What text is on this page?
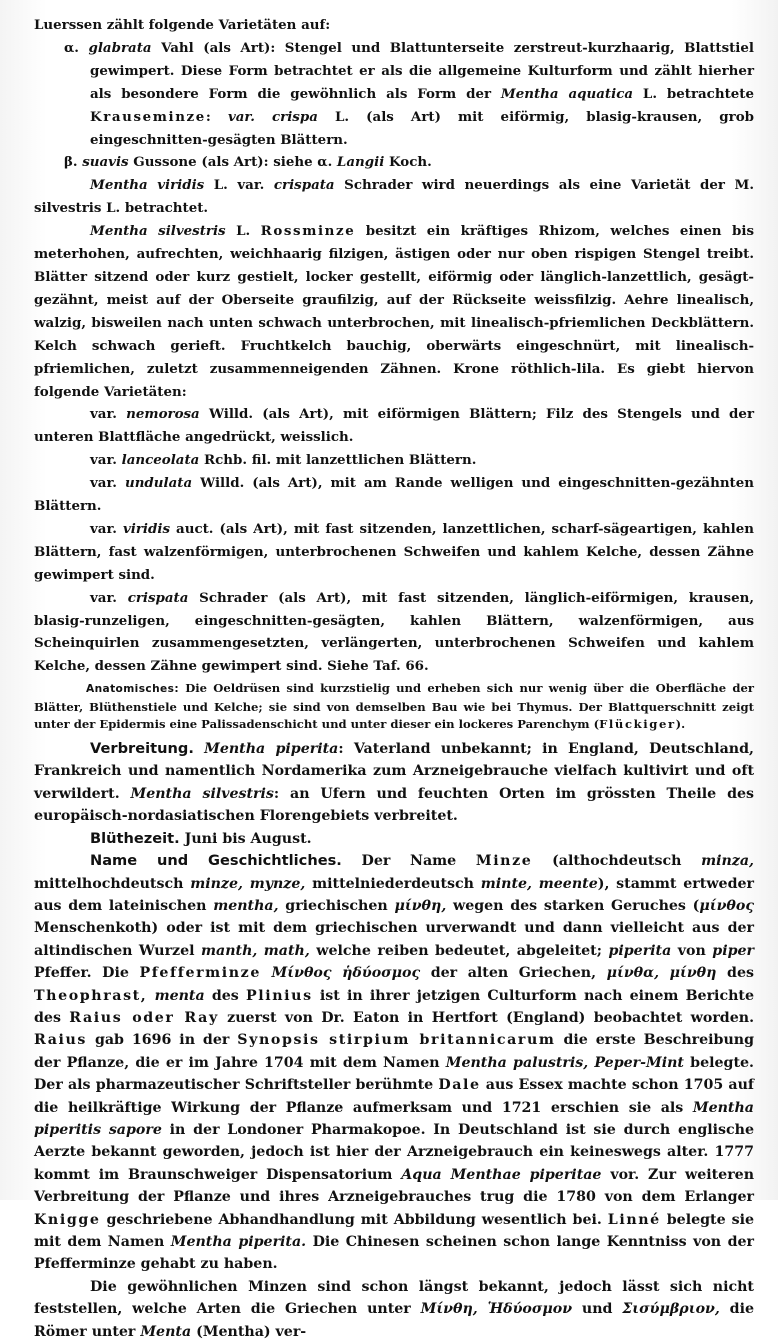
Luerssen zählt folgende Varietäten auf:

α. glabrata Vahl (als Art): Stengel und Blattunterseite zerstreut-kurzhaarig, Blattstiel gewimpert. Diese Form betrachtet er als die allgemeine Kulturform und zählt hierher als besondere Form die gewöhnlich als Form der Mentha aquatica L. betrachtete Krauseminze: var. crispa L. (als Art) mit eiförmig, blasig-krausen, grob eingeschnitten-gesägten Blättern.

β. suavis Gussone (als Art): siehe α. Langii Koch.

Mentha viridis L. var. crispata Schrader wird neuerdings als eine Varietät der M. silvestris L. betrachtet.

Mentha silvestris L. Rossminze besitzt ein kräftiges Rhizom, welches einen bis meterhohen, aufrechten, weichhaarig filzigen, ästigen oder nur oben rispigen Stengel treibt. Blätter sitzend oder kurz gestielt, locker gestellt, eiförmig oder länglich-lanzettlich, gesägt-gezähnt, meist auf der Oberseite graufilzig, auf der Rückseite weissfilzig. Aehre linealisch, walzig, bisweilen nach unten schwach unterbrochen, mit linealisch-pfriemlichen Deckblättern. Kelch schwach gerieft. Fruchtkelch bauchig, oberwärts eingeschnürt, mit linealisch-pfriemlichen, zuletzt zusammenneigenden Zähnen. Krone röthlich-lila. Es giebt hiervon folgende Varietäten:

var. nemorosa Willd. (als Art), mit eiförmigen Blättern; Filz des Stengels und der unteren Blattfläche angedrückt, weisslich.

var. lanceolata Rchb. fil. mit lanzettlichen Blättern.

var. undulata Willd. (als Art), mit am Rande welligen und eingeschnitten-gezähnten Blättern.

var. viridis auct. (als Art), mit fast sitzenden, lanzettlichen, scharf-sägeartigen, kahlen Blättern, fast walzenförmigen, unterbrochenen Schweifen und kahlem Kelche, dessen Zähne gewimpert sind.

var. crispata Schrader (als Art), mit fast sitzenden, länglich-eiförmigen, krausen, blasig-runzeligen, eingeschnitten-gesägten, kahlen Blättern, walzenförmigen, aus Scheinquirlen zusammengesetzten, verlängerten, unterbrochenen Schweifen und kahlem Kelche, dessen Zähne gewimpert sind. Siehe Taf. 66.

Anatomisches: Die Oeldrüsen sind kurzstielig und erheben sich nur wenig über die Oberfläche der Blätter, Blüthenstiele und Kelche; sie sind von demselben Bau wie bei Thymus. Der Blattquerschnitt zeigt unter der Epidermis eine Palissadenschicht und unter dieser ein lockeres Parenchym (Flückiger).

Verbreitung. Mentha piperita: Vaterland unbekannt; in England, Deutschland, Frankreich und namentlich Nordamerika zum Arzneigebrauche vielfach kultivirt und oft verwildert. Mentha silvestris: an Ufern und feuchten Orten im grössten Theile des europäisch-nordasiatischen Florengebiets verbreitet.

Blüthezeit. Juni bis August.

Name und Geschichtliches. Der Name Minze (althochdeutsch minza, mittelhochdeutsch minze, mynze, mittelniederdeutsch minte, meente), stammt ertweder aus dem lateinischen mentha, griechischen μίνθη, wegen des starken Geruches (μίνθος Menschenkoth) oder ist mit dem griechischen urverwandt und dann vielleicht aus der altindischen Wurzel manth, math, welche reiben bedeutet, abgeleitet; piperita von piper Pfeffer. Die Pfefferminze Μίνθος ἡδύοσμος der alten Griechen, μίνθα, μίνθη des Theophrast, menta des Plinius ist in ihrer jetzigen Culturform nach einem Berichte des Raius oder Ray zuerst von Dr. Eaton in Hertfort (England) beobachtet worden. Raius gab 1696 in der Synopsis stirpium britannicarum die erste Beschreibung der Pflanze, die er im Jahre 1704 mit dem Namen Mentha palustris, Peper-Mint belegte. Der als pharmazeutischer Schriftsteller berühmte Dale aus Essex machte schon 1705 auf die heilkräftige Wirkung der Pflanze aufmerksam und 1721 erschien sie als Mentha piperitis sapore in der Londoner Pharmakopoe. In Deutschland ist sie durch englische Aerzte bekannt geworden, jedoch ist hier der Arzneigebrauch ein keineswegs alter. 1777 kommt im Braunschweiger Dispensatorium Aqua Menthae piperitae vor. Zur weiteren Verbreitung der Pflanze und ihres Arzneigebrauches trug die 1780 von dem Erlanger Knigge geschriebene Abhandhandlung mit Abbildung wesentlich bei. Linné belegte sie mit dem Namen Mentha piperita. Die Chinesen scheinen schon lange Kenntniss von der Pfefferminze gehabt zu haben.

Die gewöhnlichen Minzen sind schon längst bekannt, jedoch lässt sich nicht feststellen, welche Arten die Griechen unter Μίνθη, Ἡδύοσμον und Σισύμβριον, die Römer unter Menta (Mentha) ver-
